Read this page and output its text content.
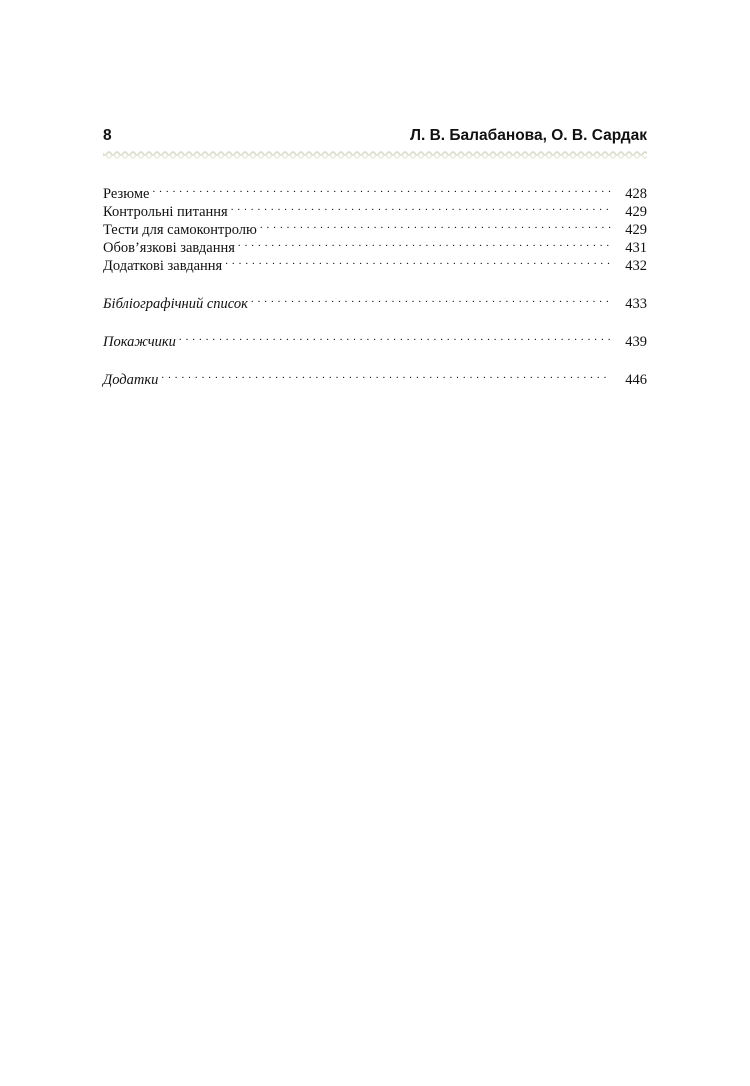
8	Л. В. Балабанова, О. В. Сардак
Резюме . . .	428
Контрольні питання . . .	429
Тести для самоконтролю . . .	429
Обов’язкові завдання . . .	431
Додаткові завдання . . .	432
Бібліографічний список . . .	433
Покажчики . . .	439
Додатки . . .	446
